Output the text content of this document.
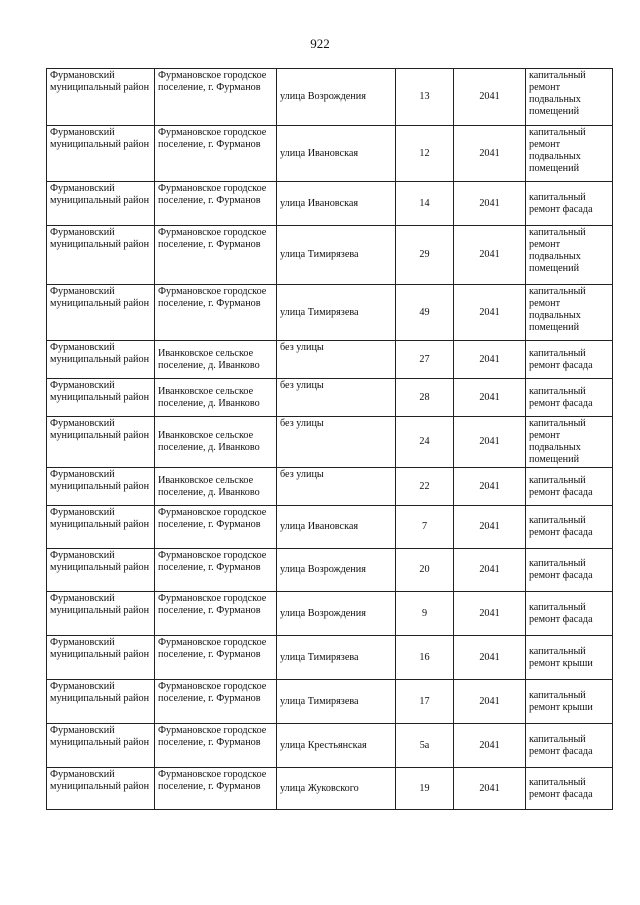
922
Фурмановский муниципальный район	Фурмановское городское поселение, г. Фурманов	улица Возрождения	13	2041	капитальный ремонт подвальных помещений
Фурмановский муниципальный район	Фурмановское городское поселение, г. Фурманов	улица Ивановская	12	2041	капитальный ремонт подвальных помещений
Фурмановский муниципальный район	Фурмановское городское поселение, г. Фурманов	улица Ивановская	14	2041	капитальный ремонт фасада
Фурмановский муниципальный район	Фурмановское городское поселение, г. Фурманов	улица Тимирязева	29	2041	капитальный ремонт подвальных помещений
Фурмановский муниципальный район	Фурмановское городское поселение, г. Фурманов	улица Тимирязева	49	2041	капитальный ремонт подвальных помещений
Фурмановский муниципальный район	Иванковское сельское поселение, д. Иванково	без улицы	27	2041	капитальный ремонт фасада
Фурмановский муниципальный район	Иванковское сельское поселение, д. Иванково	без улицы	28	2041	капитальный ремонт фасада
Фурмановский муниципальный район	Иванковское сельское поселение, д. Иванково	без улицы	24	2041	капитальный ремонт подвальных помещений
Фурмановский муниципальный район	Иванковское сельское поселение, д. Иванково	без улицы	22	2041	капитальный ремонт фасада
Фурмановский муниципальный район	Фурмановское городское поселение, г. Фурманов	улица Ивановская	7	2041	капитальный ремонт фасада
Фурмановский муниципальный район	Фурмановское городское поселение, г. Фурманов	улица Возрождения	20	2041	капитальный ремонт фасада
Фурмановский муниципальный район	Фурмановское городское поселение, г. Фурманов	улица Возрождения	9	2041	капитальный ремонт фасада
Фурмановский муниципальный район	Фурмановское городское поселение, г. Фурманов	улица Тимирязева	16	2041	капитальный ремонт крыши
Фурмановский муниципальный район	Фурмановское городское поселение, г. Фурманов	улица Тимирязева	17	2041	капитальный ремонт крыши
Фурмановский муниципальный район	Фурмановское городское поселение, г. Фурманов	улица Крестьянская	5а	2041	капитальный ремонт фасада
Фурмановский муниципальный район	Фурмановское городское поселение, г. Фурманов	улица Жуковского	19	2041	капитальный ремонт фасада
